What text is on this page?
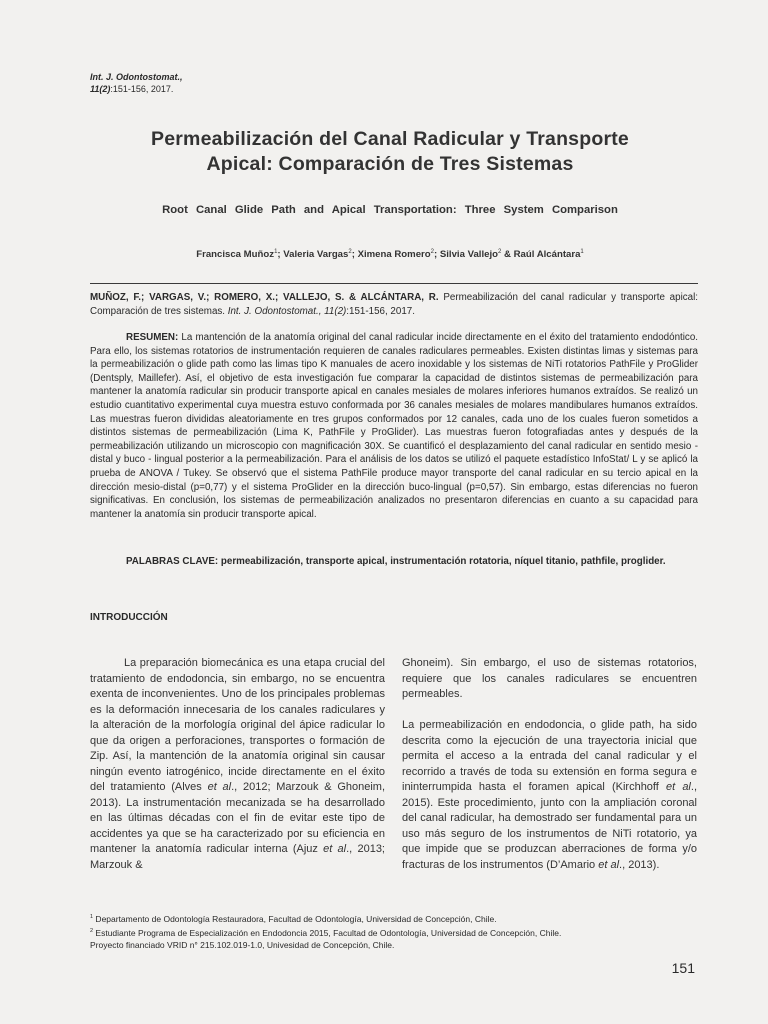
Int. J. Odontostomat.,
11(2):151-156, 2017.
Permeabilización del Canal Radicular y Transporte
Apical: Comparación de Tres Sistemas
Root Canal Glide Path and Apical Transportation: Three System Comparison
Francisca Muñoz$^1$; Valeria Vargas$^2$; Ximena Romero$^2$; Silvia Vallejo$^2$ & Raúl Alcántara$^1$
MUÑOZ, F.; VARGAS, V.; ROMERO, X.; VALLEJO, S. & ALCÁNTARA, R. Permeabilización del canal radicular y transporte apical: Comparación de tres sistemas. Int. J. Odontostomat., 11(2):151-156, 2017.
RESUMEN: La mantención de la anatomía original del canal radicular incide directamente en el éxito del tratamiento endodóntico. Para ello, los sistemas rotatorios de instrumentación requieren de canales radiculares permeables. Existen distintas limas y sistemas para la permeabilización o glide path como las limas tipo K manuales de acero inoxidable y los sistemas de NiTi rotatorios PathFile y ProGlider (Dentsply, Maillefer). Así, el objetivo de esta investigación fue comparar la capacidad de distintos sistemas de permeabilización para mantener la anatomía radicular sin producir transporte apical en canales mesiales de molares inferiores humanos extraídos. Se realizó un estudio cuantitativo experimental cuya muestra estuvo conformada por 36 canales mesiales de molares mandibulares humanos extraídos. Las muestras fueron divididas aleatoriamente en tres grupos conformados por 12 canales, cada uno de los cuales fueron sometidos a distintos sistemas de permeabilización (Lima K, PathFile y ProGlider). Las muestras fueron fotografiadas antes y después de la permeabilización utilizando un microscopio con magnificación 30X. Se cuantificó el desplazamiento del canal radicular en sentido mesio - distal y buco - lingual posterior a la permeabilización. Para el análisis de los datos se utilizó el paquete estadístico InfoStat/ L y se aplicó la prueba de ANOVA / Tukey. Se observó que el sistema PathFile produce mayor transporte del canal radicular en su tercio apical en la dirección mesio-distal (p=0,77) y el sistema ProGlider en la dirección buco-lingual (p=0,57). Sin embargo, estas diferencias no fueron significativas. En conclusión, los sistemas de permeabilización analizados no presentaron diferencias en cuanto a su capacidad para mantener la anatomía sin producir transporte apical.
PALABRAS CLAVE: permeabilización, transporte apical, instrumentación rotatoria, níquel titanio, pathfile, proglider.
INTRODUCCIÓN

La preparación biomecánica es una etapa crucial del tratamiento de endodoncia, sin embargo, no se encuentra exenta de inconvenientes. Uno de los principales problemas es la deformación innecesaria de los canales radiculares y la alteración de la morfología original del ápice radicular lo que da origen a perforaciones, transportes o formación de Zip. Así, la mantención de la anatomía original sin causar ningún evento iatrogénico, incide directamente en el éxito del tratamiento (Alves et al., 2012; Marzouk & Ghoneim, 2013). La instrumentación mecanizada se ha desarrollado en las últimas décadas con el fin de evitar este tipo de accidentes ya que se ha caracterizado por su eficiencia en mantener la anatomía radicular interna (Ajuz et al., 2013; Marzouk &

Ghoneim). Sin embargo, el uso de sistemas rotatorios, requiere que los canales radiculares se encuentren permeables.

La permeabilización en endodoncia, o glide path, ha sido descrita como la ejecución de una trayectoria inicial que permita el acceso a la entrada del canal radicular y el recorrido a través de toda su extensión en forma segura e ininterrumpida hasta el foramen apical (Kirchhoff et al., 2015). Este procedimiento, junto con la ampliación coronal del canal radicular, ha demostrado ser fundamental para un uso más seguro de los instrumentos de NiTi rotatorio, ya que impide que se produzcan aberraciones de forma y/o fracturas de los instrumentos (D’Amario et al., 2013).

$^1$ Departamento de Odontología Restauradora, Facultad de Odontología, Universidad de Concepción, Chile.
$^2$ Estudiante Programa de Especialización en Endodoncia 2015, Facultad de Odontología, Universidad de Concepción, Chile.
Proyecto financiado VRID n° 215.102.019-1.0, Univesidad de Concepción, Chile.
151
